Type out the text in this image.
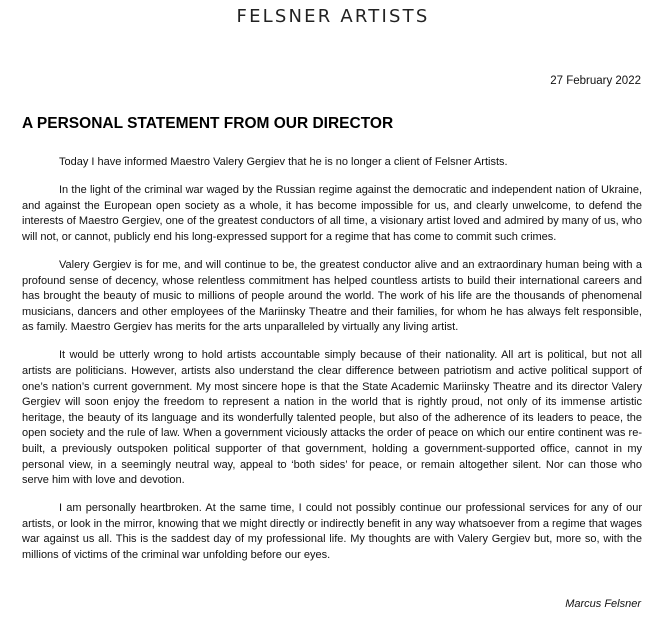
FELSNER ARTISTS
27 February 2022
A PERSONAL STATEMENT FROM OUR DIRECTOR

Today I have informed Maestro Valery Gergiev that he is no longer a client of Felsner Artists.

In the light of the criminal war waged by the Russian regime against the democratic and independent nation of Ukraine, and against the European open society as a whole, it has become impossible for us, and clearly unwelcome, to defend the interests of Maestro Gergiev, one of the greatest conductors of all time, a visionary artist loved and admired by many of us, who will not, or cannot, publicly end his long-expressed support for a regime that has come to commit such crimes.

Valery Gergiev is for me, and will continue to be, the greatest conductor alive and an extraordinary human being with a profound sense of decency, whose relentless commitment has helped countless artists to build their international careers and has brought the beauty of music to millions of people around the world. The work of his life are the thousands of phenomenal musicians, dancers and other employees of the Mariinsky Theatre and their families, for whom he has always felt responsible, as family. Maestro Gergiev has merits for the arts unparalleled by virtually any living artist.

It would be utterly wrong to hold artists accountable simply because of their nationality. All art is political, but not all artists are politicians. However, artists also understand the clear difference between patriotism and active political support of one’s nation’s current government. My most sincere hope is that the State Academic Mariinsky Theatre and its director Valery Gergiev will soon enjoy the freedom to represent a nation in the world that is rightly proud, not only of its immense artistic heritage, the beauty of its language and its wonderfully talented people, but also of the adherence of its leaders to peace, the open society and the rule of law. When a government viciously attacks the order of peace on which our entire continent was re-built, a previously outspoken political supporter of that government, holding a government-supported office, cannot in my personal view, in a seemingly neutral way, appeal to ‘both sides’ for peace, or remain altogether silent. Nor can those who serve him with love and devotion.

I am personally heartbroken. At the same time, I could not possibly continue our professional services for any of our artists, or look in the mirror, knowing that we might directly or indirectly benefit in any way whatsoever from a regime that wages war against us all. This is the saddest day of my professional life. My thoughts are with Valery Gergiev but, more so, with the millions of victims of the criminal war unfolding before our eyes.

Marcus Felsner
